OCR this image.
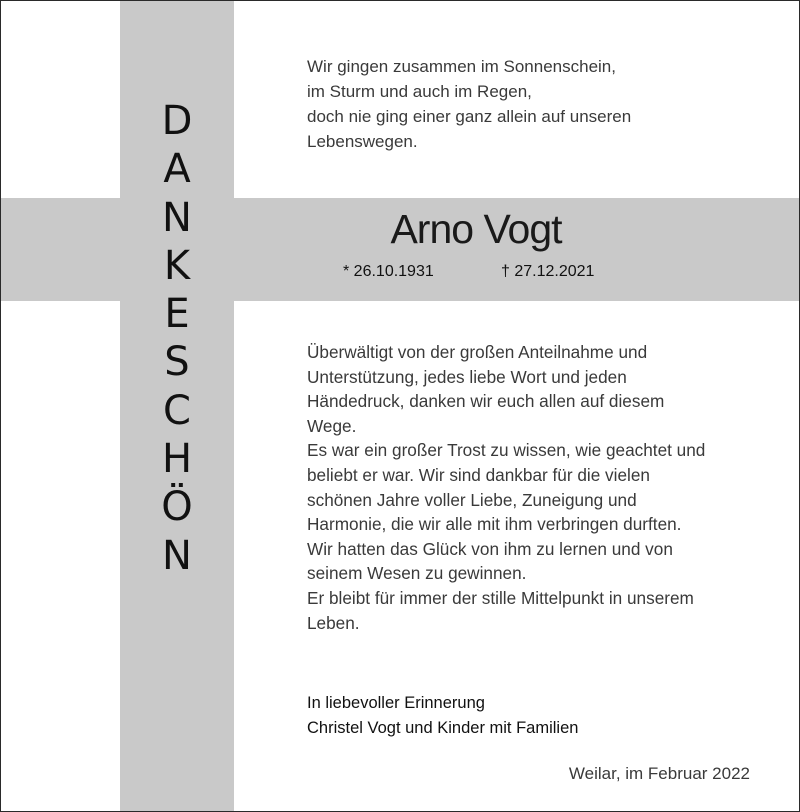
D
A
N
K
E
S
C
H
Ö
N
Wir gingen zusammen im Sonnenschein,
im Sturm und auch im Regen,
doch nie ging einer ganz allein auf unseren
Lebenswegen.
Arno Vogt
* 26.10.1931	† 27.12.2021
Überwältigt von der großen Anteilnahme und
Unterstützung, jedes liebe Wort und jeden
Händedruck, danken wir euch allen auf diesem
Wege.
Es war ein großer Trost zu wissen, wie geachtet und
beliebt er war. Wir sind dankbar für die vielen
schönen Jahre voller Liebe, Zuneigung und
Harmonie, die wir alle mit ihm verbringen durften.
Wir hatten das Glück von ihm zu lernen und von
seinem Wesen zu gewinnen.
Er bleibt für immer der stille Mittelpunkt in unserem
Leben.
In liebevoller Erinnerung
Christel Vogt und Kinder mit Familien
Weilar, im Februar 2022
